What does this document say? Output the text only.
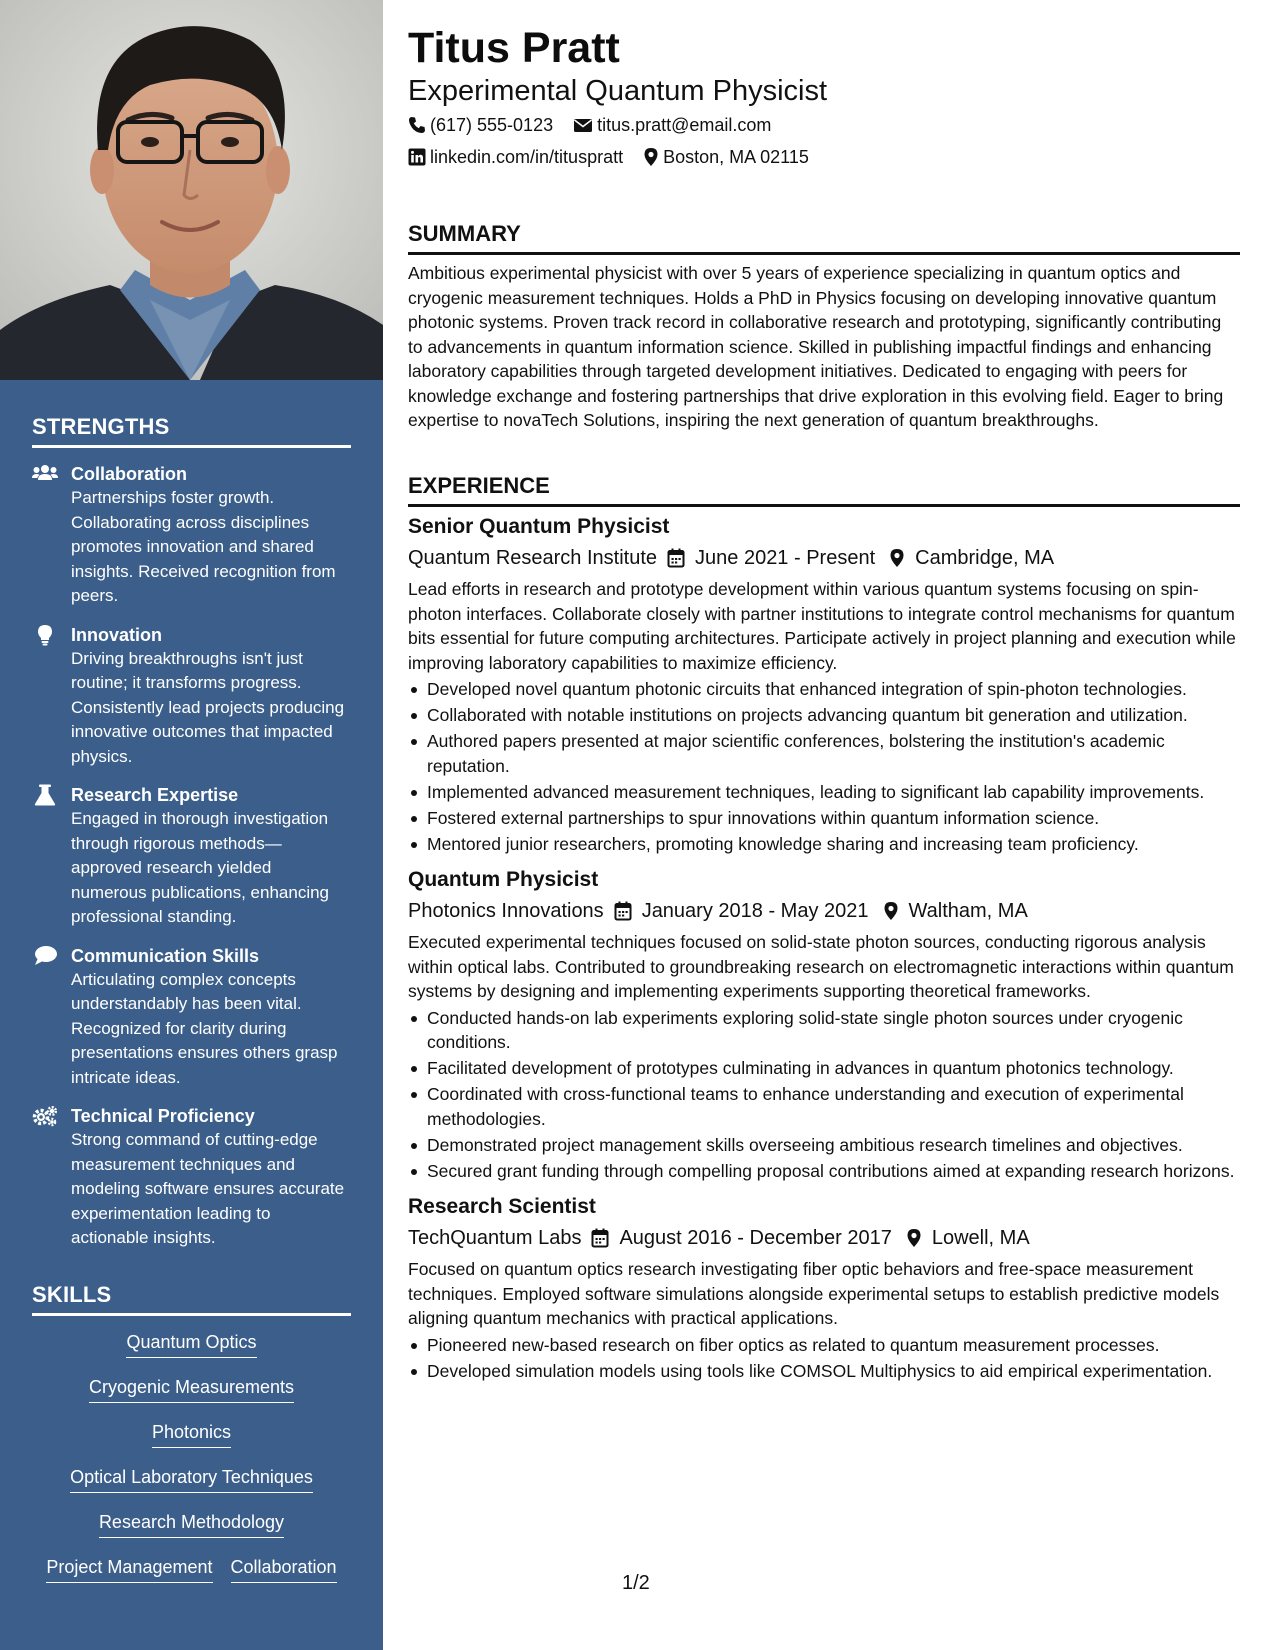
STRENGTHS
Collaboration
Partnerships foster growth. Collaborating across disciplines promotes innovation and shared insights. Received recognition from peers.
Innovation
Driving breakthroughs isn't just routine; it transforms progress. Consistently lead projects producing innovative outcomes that impacted physics.
Research Expertise
Engaged in thorough investigation through rigorous methods—approved research yielded numerous publications, enhancing professional standing.
Communication Skills
Articulating complex concepts understandably has been vital. Recognized for clarity during presentations ensures others grasp intricate ideas.
Technical Proficiency
Strong command of cutting-edge measurement techniques and modeling software ensures accurate experimentation leading to actionable insights.
SKILLS
Quantum Optics
Cryogenic Measurements
Photonics
Optical Laboratory Techniques
Research Methodology
Project Management Collaboration
Titus Pratt
Experimental Quantum Physicist
(617) 555-0123 titus.pratt@email.com
linkedin.com/in/tituspratt Boston, MA 02115
SUMMARY
Ambitious experimental physicist with over 5 years of experience specializing in quantum optics and cryogenic measurement techniques. Holds a PhD in Physics focusing on developing innovative quantum photonic systems. Proven track record in collaborative research and prototyping, significantly contributing to advancements in quantum information science. Skilled in publishing impactful findings and enhancing laboratory capabilities through targeted development initiatives. Dedicated to engaging with peers for knowledge exchange and fostering partnerships that drive exploration in this evolving field. Eager to bring expertise to novaTech Solutions, inspiring the next generation of quantum breakthroughs.
EXPERIENCE
Senior Quantum Physicist
Quantum Research Institute June 2021 - Present Cambridge, MA
Lead efforts in research and prototype development within various quantum systems focusing on spin-photon interfaces. Collaborate closely with partner institutions to integrate control mechanisms for quantum bits essential for future computing architectures. Participate actively in project planning and execution while improving laboratory capabilities to maximize efficiency.
Developed novel quantum photonic circuits that enhanced integration of spin-photon technologies.
Collaborated with notable institutions on projects advancing quantum bit generation and utilization.
Authored papers presented at major scientific conferences, bolstering the institution's academic reputation.
Implemented advanced measurement techniques, leading to significant lab capability improvements.
Fostered external partnerships to spur innovations within quantum information science.
Mentored junior researchers, promoting knowledge sharing and increasing team proficiency.
Quantum Physicist
Photonics Innovations January 2018 - May 2021 Waltham, MA
Executed experimental techniques focused on solid-state photon sources, conducting rigorous analysis within optical labs. Contributed to groundbreaking research on electromagnetic interactions within quantum systems by designing and implementing experiments supporting theoretical frameworks.
Conducted hands-on lab experiments exploring solid-state single photon sources under cryogenic conditions.
Facilitated development of prototypes culminating in advances in quantum photonics technology.
Coordinated with cross-functional teams to enhance understanding and execution of experimental methodologies.
Demonstrated project management skills overseeing ambitious research timelines and objectives.
Secured grant funding through compelling proposal contributions aimed at expanding research horizons.
Research Scientist
TechQuantum Labs August 2016 - December 2017 Lowell, MA
Focused on quantum optics research investigating fiber optic behaviors and free-space measurement techniques. Employed software simulations alongside experimental setups to establish predictive models aligning quantum mechanics with practical applications.
Pioneered new-based research on fiber optics as related to quantum measurement processes.
Developed simulation models using tools like COMSOL Multiphysics to aid empirical experimentation.
1/2
